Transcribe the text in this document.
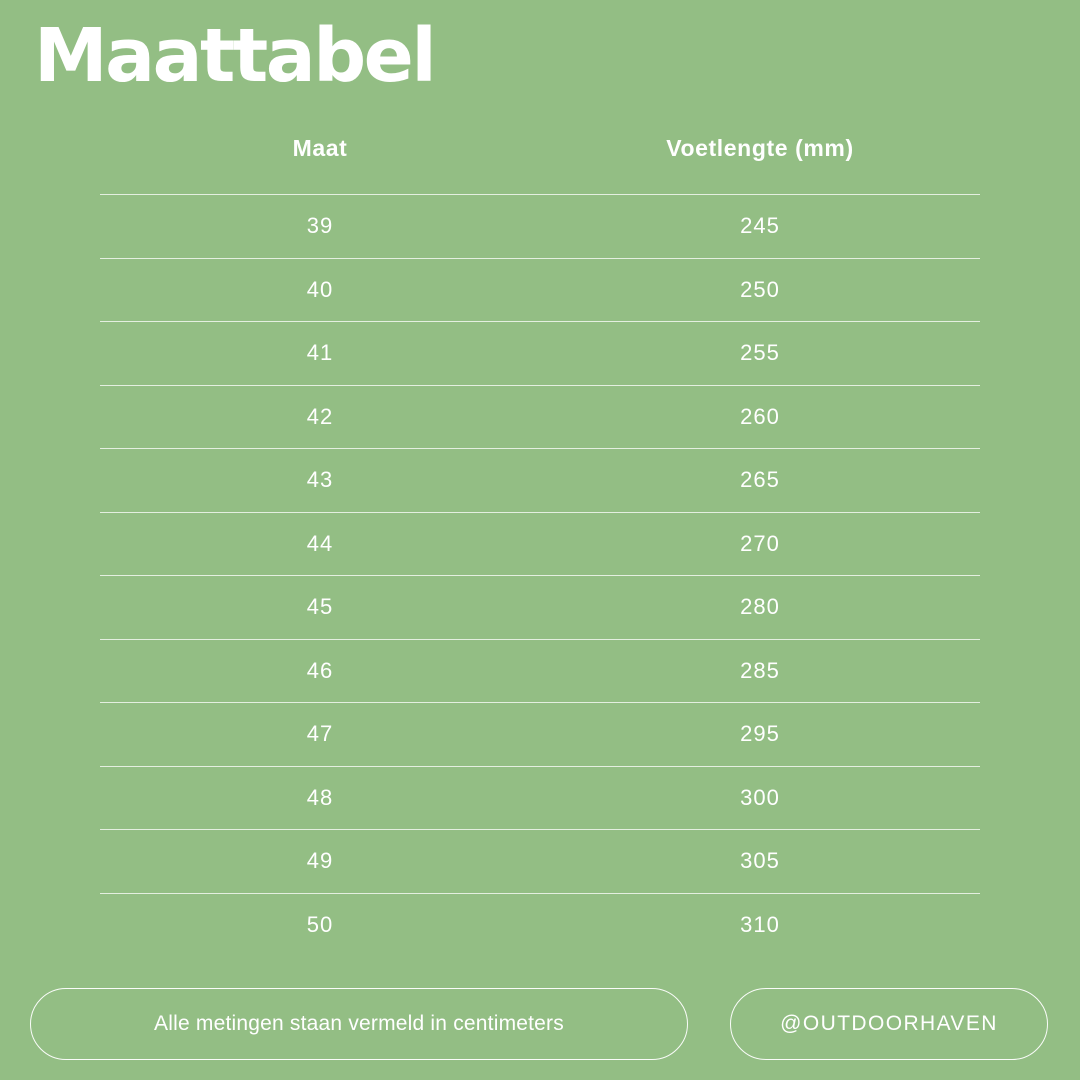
Maattabel
Maat	Voetlengte (mm)
39	245
40	250
41	255
42	260
43	265
44	270
45	280
46	285
47	295
48	300
49	305
50	310
Alle metingen staan vermeld in centimeters	@OUTDOORHAVEN
